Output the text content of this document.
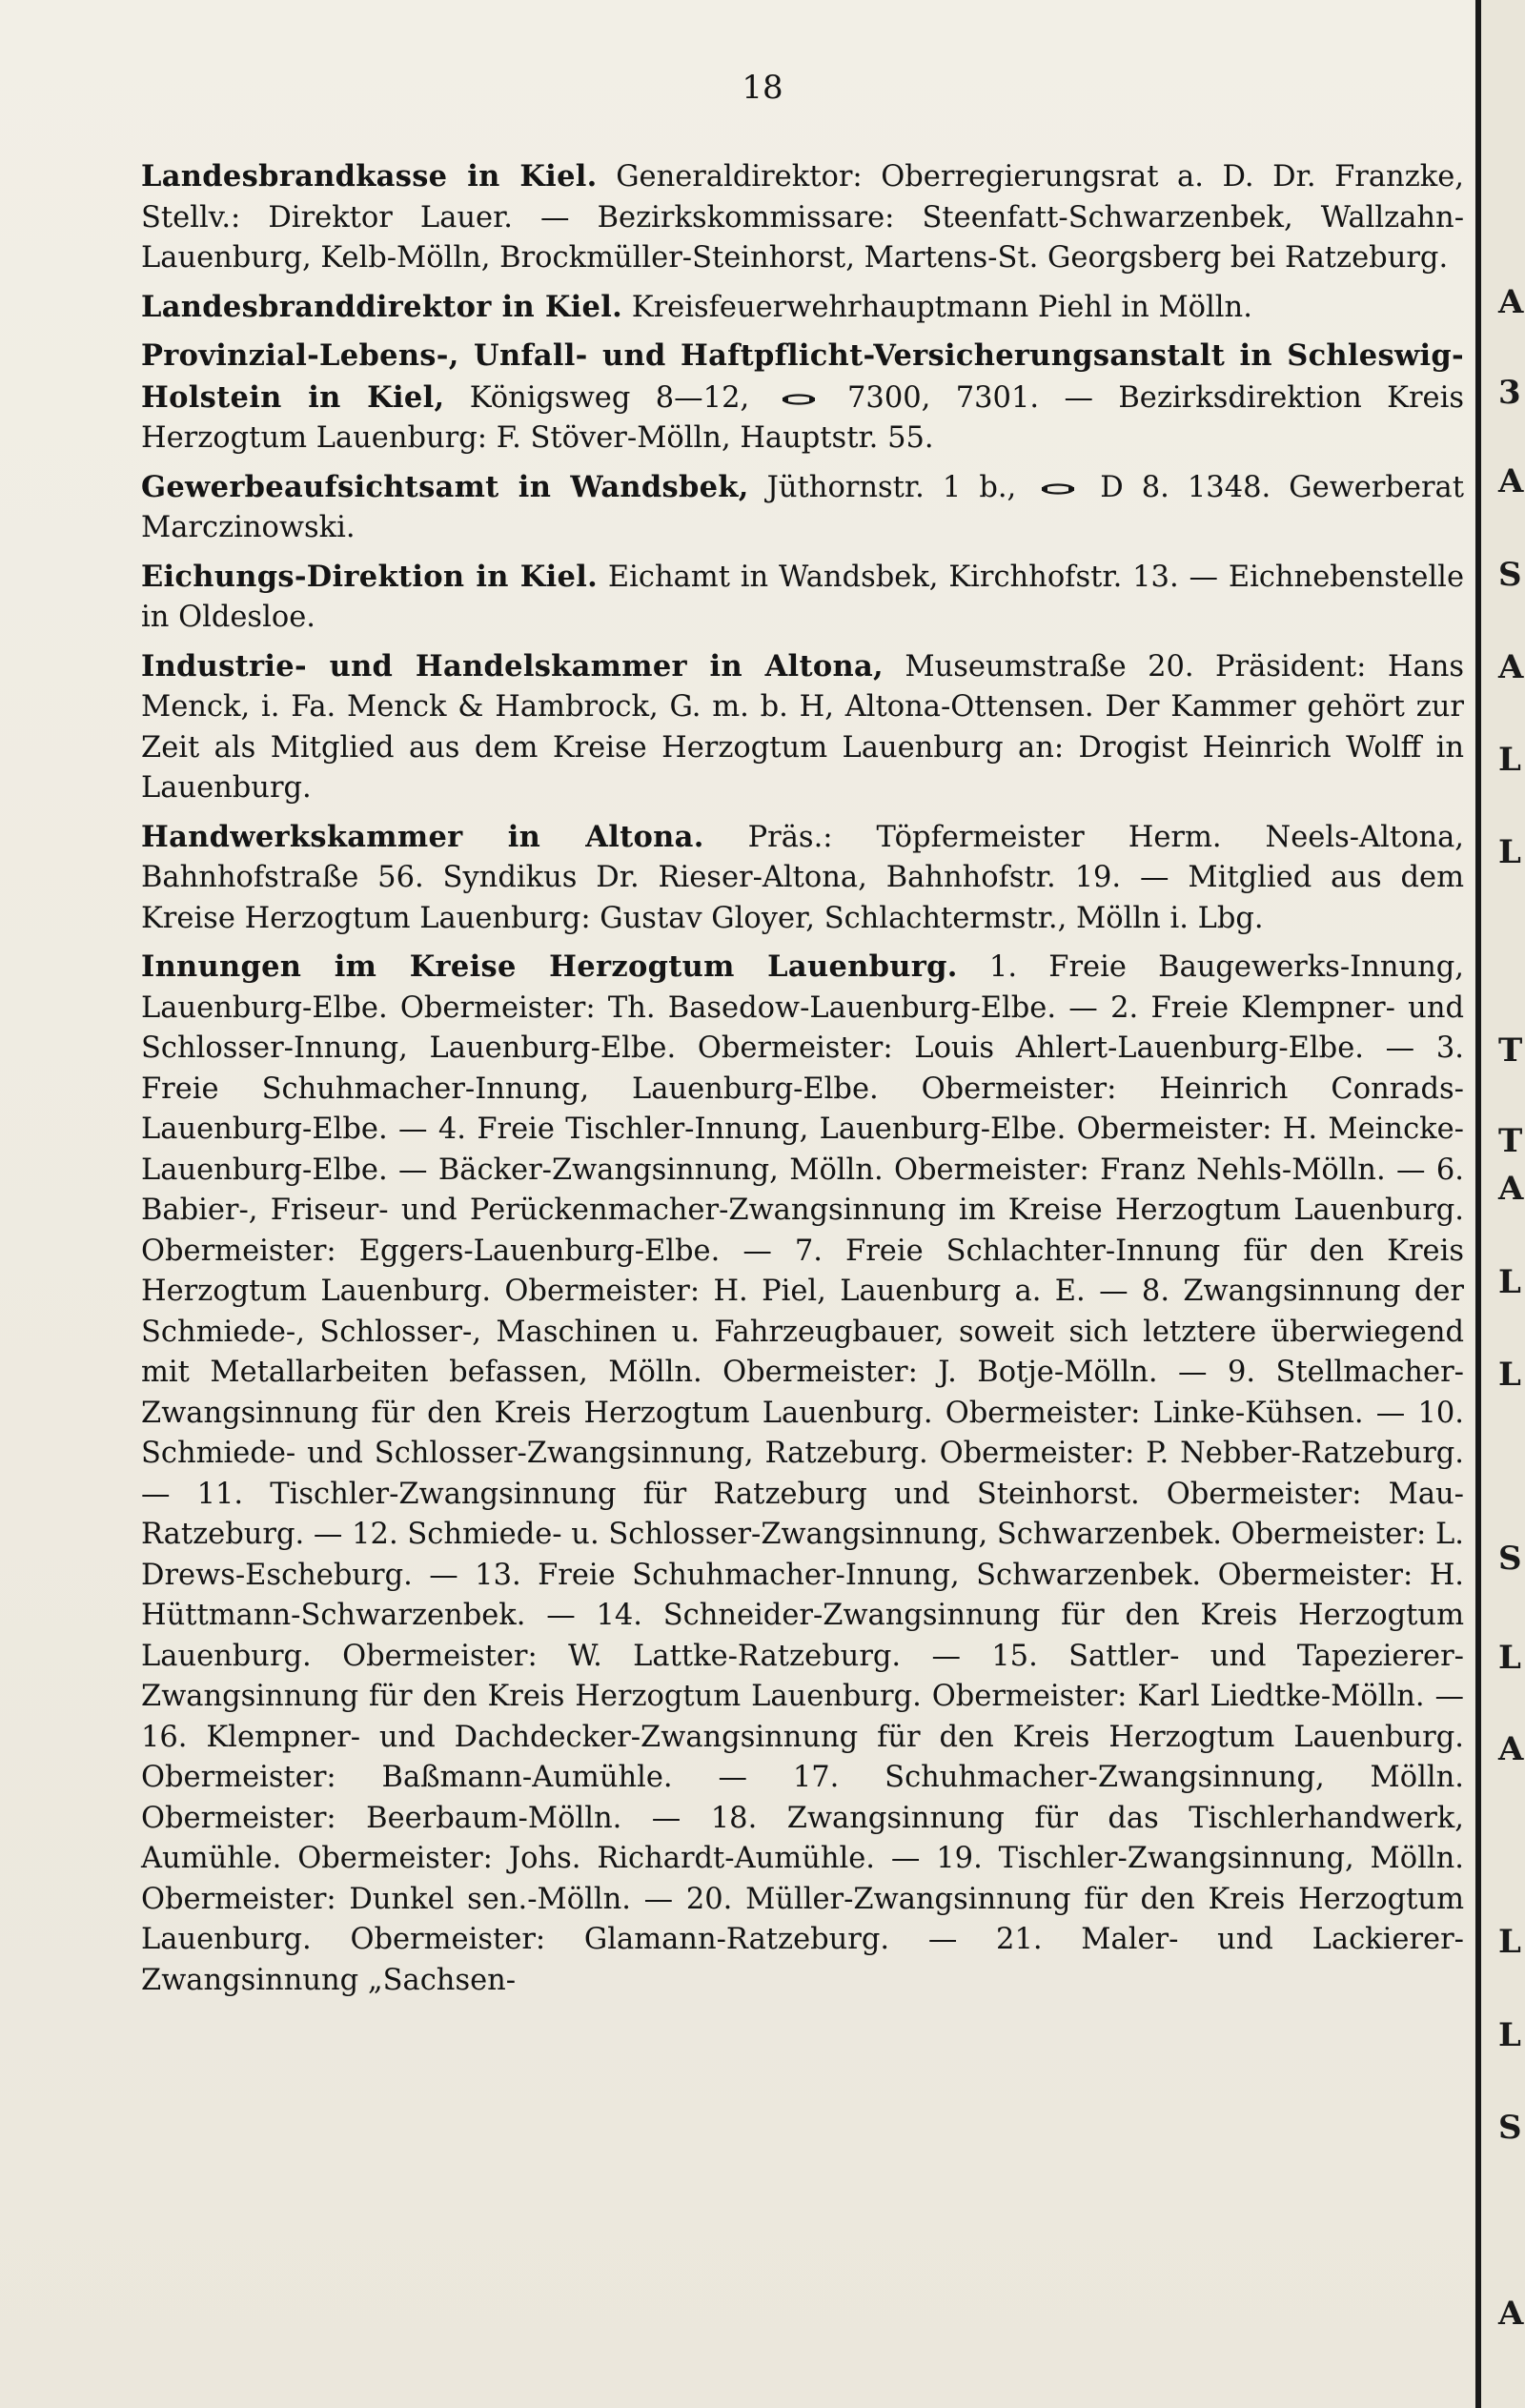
A
3
A
S
A
L
L
T
T
A
L
L
S
L
A
L
L
S
A
18

Landesbrandkasse in Kiel. Generaldirektor: Oberregierungsrat a. D. Dr. Franzke, Stellv.: Direktor Lauer. — Bezirkskommissare: Steenfatt-Schwarzenbek, Wallzahn-Lauenburg, Kelb-Mölln, Brockmüller-Steinhorst, Martens-St. Georgsberg bei Ratzeburg.

Landesbranddirektor in Kiel. Kreisfeuerwehrhauptmann Piehl in Mölln.

Provinzial-Lebens-, Unfall- und Haftpflicht-Versicherungsanstalt in Schleswig-Holstein in Kiel, Königsweg 8—12,	7300, 7301. — Bezirksdirektion Kreis Herzogtum Lauenburg: F. Stöver-Mölln, Hauptstr. 55.

Gewerbeaufsichtsamt in Wandsbek, Jüthornstr. 1 b.,	D 8. 1348. Gewerberat Marczinowski.

Eichungs-Direktion in Kiel. Eichamt in Wandsbek, Kirchhofstr. 13. — Eichnebenstelle in Oldesloe.

Industrie- und Handelskammer in Altona, Museumstraße 20. Präsident: Hans Menck, i. Fa. Menck & Hambrock, G. m. b. H, Altona-Ottensen. Der Kammer gehört zur Zeit als Mitglied aus dem Kreise Herzogtum Lauenburg an: Drogist Heinrich Wolff in Lauenburg.

Handwerkskammer in Altona. Präs.: Töpfermeister Herm. Neels-Altona, Bahnhofstraße 56. Syndikus Dr. Rieser-Altona, Bahnhofstr. 19. — Mitglied aus dem Kreise Herzogtum Lauenburg: Gustav Gloyer, Schlachtermstr., Mölln i. Lbg.

Innungen im Kreise Herzogtum Lauenburg. 1. Freie Baugewerks-Innung, Lauenburg-Elbe. Obermeister: Th. Basedow-Lauenburg-Elbe. — 2. Freie Klempner- und Schlosser-Innung, Lauenburg-Elbe. Obermeister: Louis Ahlert-Lauenburg-Elbe. — 3. Freie Schuhmacher-Innung, Lauenburg-Elbe. Obermeister: Heinrich Conrads-Lauenburg-Elbe. — 4. Freie Tischler-Innung, Lauenburg-Elbe. Obermeister: H. Meincke-Lauenburg-Elbe. — Bäcker-Zwangsinnung, Mölln. Obermeister: Franz Nehls-Mölln. — 6. Babier-, Friseur- und Perückenmacher-Zwangsinnung im Kreise Herzogtum Lauenburg. Obermeister: Eggers-Lauenburg-Elbe. — 7. Freie Schlachter-Innung für den Kreis Herzogtum Lauenburg. Obermeister: H. Piel, Lauenburg a. E. — 8. Zwangsinnung der Schmiede-, Schlosser-, Maschinen u. Fahrzeugbauer, soweit sich letztere überwiegend mit Metallarbeiten befassen, Mölln. Obermeister: J. Botje-Mölln. — 9. Stellmacher-Zwangsinnung für den Kreis Herzogtum Lauenburg. Obermeister: Linke-Kühsen. — 10. Schmiede- und Schlosser-Zwangsinnung, Ratzeburg. Obermeister: P. Nebber-Ratzeburg. — 11. Tischler-Zwangsinnung für Ratzeburg und Steinhorst. Obermeister: Mau-Ratzeburg. — 12. Schmiede- u. Schlosser-Zwangsinnung, Schwarzenbek. Obermeister: L. Drews-Escheburg. — 13. Freie Schuhmacher-Innung, Schwarzenbek. Obermeister: H. Hüttmann-Schwarzenbek. — 14. Schneider-Zwangsinnung für den Kreis Herzogtum Lauenburg. Obermeister: W. Lattke-Ratzeburg. — 15. Sattler- und Tapezierer-Zwangsinnung für den Kreis Herzogtum Lauenburg. Obermeister: Karl Liedtke-Mölln. — 16. Klempner- und Dachdecker-Zwangsinnung für den Kreis Herzogtum Lauenburg. Obermeister: Baßmann-Aumühle. — 17. Schuhmacher-Zwangsinnung, Mölln. Obermeister: Beerbaum-Mölln. — 18. Zwangsinnung für das Tischlerhandwerk, Aumühle. Obermeister: Johs. Richardt-Aumühle. — 19. Tischler-Zwangsinnung, Mölln. Obermeister: Dunkel sen.-Mölln. — 20. Müller-Zwangsinnung für den Kreis Herzogtum Lauenburg. Obermeister: Glamann-Ratzeburg. — 21. Maler- und Lackierer-Zwangsinnung „Sachsen-
